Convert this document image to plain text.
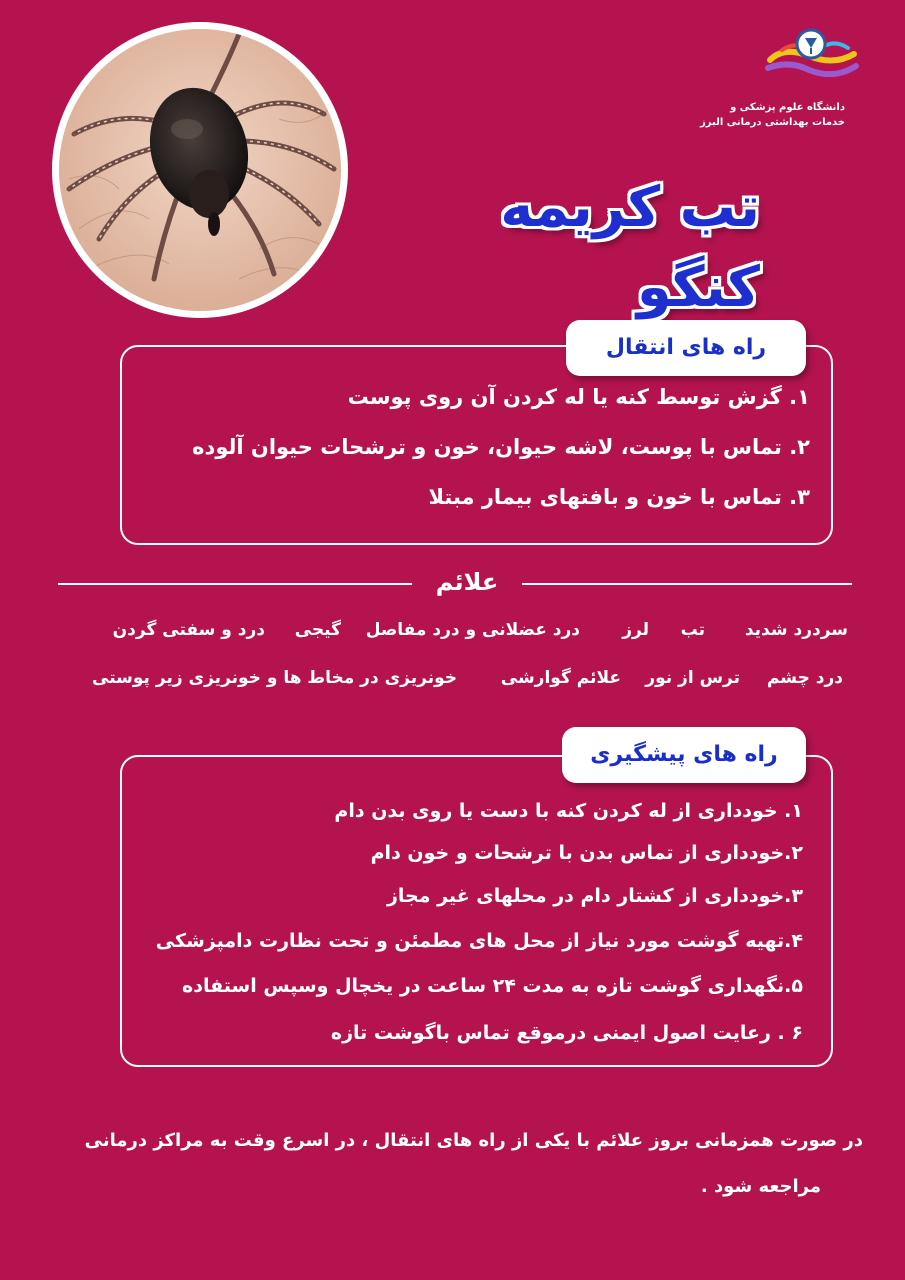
دانشگاه علوم پزشکی و
خدمات بهداشتی درمانی البرز
تب کریمه کنگو
راه های انتقال
۱. گزش توسط کنه یا له کردن آن روی پوست
۲. تماس با پوست، لاشه حیوان، خون و ترشحات حیوان آلوده
۳. تماس با خون و بافتهای بیمار مبتلا
علائم
سردرد شدید
تب
لرز
درد عضلانی و درد مفاصل
گیجی
درد و سفتی گردن
درد چشم
ترس از نور
علائم گوارشی
خونریزی در مخاط ها و خونریزی زیر پوستی
راه های پیشگیری
۱. خودداری از له کردن کنه با دست یا روی بدن دام
۲.خودداری از تماس بدن با ترشحات و خون دام
۳.خودداری از کشتار دام در محلهای غیر مجاز
۴.تهیه گوشت مورد نیاز از محل های مطمئن و تحت نظارت دامپزشکی
۵.نگهداری گوشت تازه به مدت ۲۴ ساعت در یخچال وسپس استفاده
۶ . رعایت اصول ایمنی درموقع تماس باگوشت تازه
در صورت همزمانی بروز علائم با یکی از راه های انتقال ، در اسرع وقت به مراکز درمانی
مراجعه شود .
